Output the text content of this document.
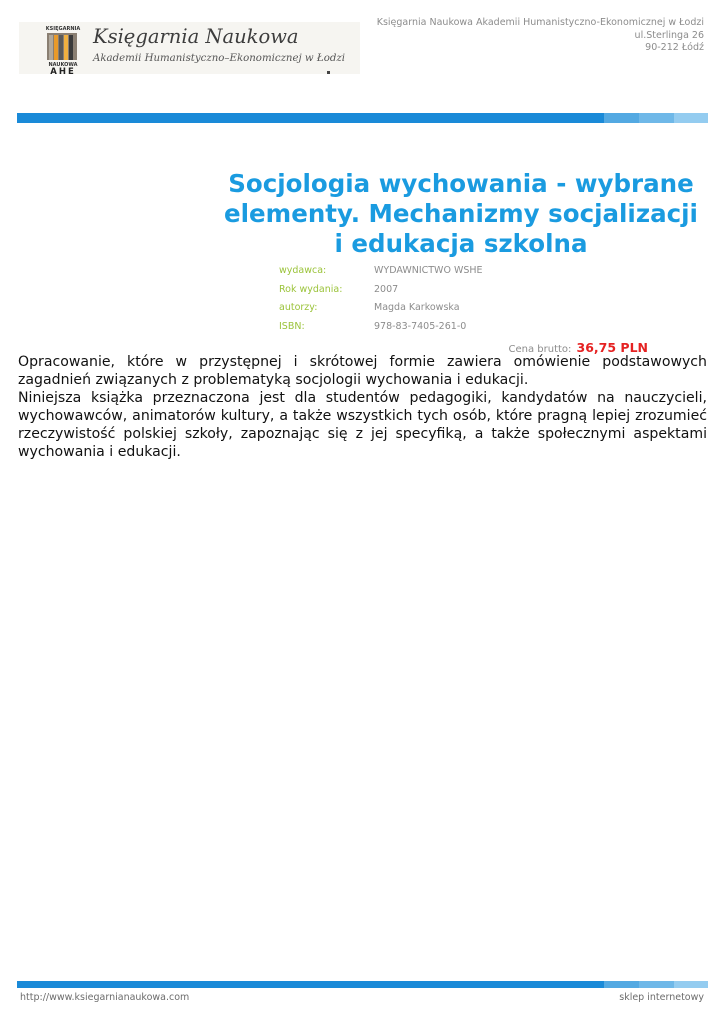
KSIĘGARNIA
NAUKOWA
AHE
Księgarnia Naukowa
Akademii Humanistyczno–Ekonomicznej w Łodzi
Księgarnia Naukowa Akademii Humanistyczno-Ekonomicznej w Łodzi
ul.Sterlinga 26
90-212 Łódź
Socjologia wychowania - wybrane elementy. Mechanizmy socjalizacji i edukacja szkolna
wydawca:	WYDAWNICTWO WSHE
Rok wydania:	2007
autorzy:	Magda Karkowska
ISBN:	978-83-7405-261-0
Cena brutto: 36,75 PLN

Opracowanie, które w przystępnej i skrótowej formie zawiera omówienie podstawowych zagadnień związanych z problematyką socjologii wychowania i edukacji.

Niniejsza książka przeznaczona jest dla studentów pedagogiki, kandydatów na nauczycieli, wychowawców, animatorów kultury, a także wszystkich tych osób, które pragną lepiej zrozumieć rzeczywistość polskiej szkoły, zapoznając się z jej specyfiką, a także społecznymi aspektami wychowania i edukacji.

http://www.ksiegarnianaukowa.com	sklep internetowy
